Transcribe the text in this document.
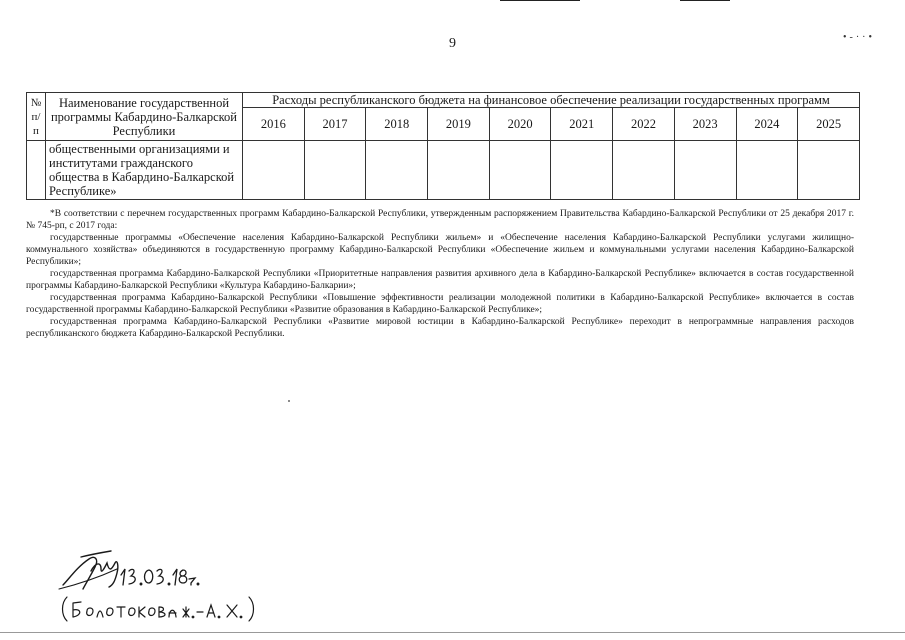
•‐··•
9
№ п/п	Наименование государственной программы Кабардино-Балкарской Республики	Расходы республиканского бюджета на финансовое обеспечение реализации государственных программ									
		2016	2017	2018	2019	2020	2021	2022	2023	2024	2025
	общественными организациями и институтами гражданского общества в Кабардино-Балкарской Республике»										

*В соответствии с перечнем государственных программ Кабардино-Балкарской Республики, утвержденным распоряжением Правительства Кабардино-Балкарской Республики от 25 декабря 2017 г. № 745-рп, с 2017 года:

государственные программы «Обеспечение населения Кабардино-Балкарской Республики жильем» и «Обеспечение населения Кабардино-Балкарской Республики услугами жилищно-коммунального хозяйства» объединяются в государственную программу Кабардино-Балкарской Республики «Обеспечение жильем и коммунальными услугами населения Кабардино-Балкарской Республики»;

государственная программа Кабардино-Балкарской Республики «Приоритетные направления развития архивного дела в Кабардино-Балкарской Республике» включается в состав государственной программы Кабардино-Балкарской Республики «Культура Кабардино-Балкарии»;

государственная программа Кабардино-Балкарской Республики «Повышение эффективности реализации молодежной политики в Кабардино-Балкарской Республике» включается в состав государственной программы Кабардино-Балкарской Республики «Развитие образования в Кабардино-Балкарской Республике»;

государственная программа Кабардино-Балкарской Республики «Развитие мировой юстиции в Кабардино-Балкарской Республике» переходит в непрограммные направления расходов республиканского бюджета Кабардино-Балкарской Республики.
